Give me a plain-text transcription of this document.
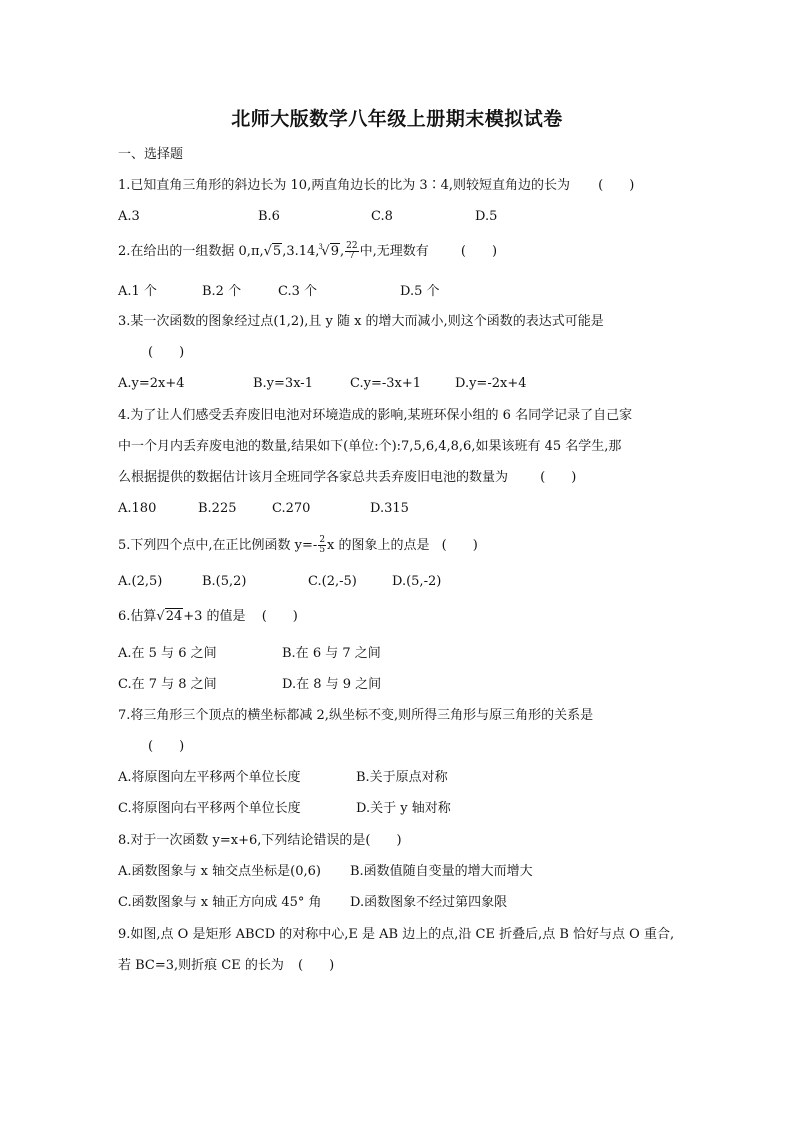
北师大版数学八年级上册期末模拟试卷
一、选择题
1.已知直角三角形的斜边长为 10,两直角边长的比为 3∶4,则较短直角边的长为 (　　)
A.3	B.6	C.8	D.5
2.在给出的一组数据 0,π,√5,3.14, 3
√9, $\frac{22}{7}$ 中,无理数有 (　　)
A.1 个	B.2 个	C.3 个	D.5 个
3.某一次函数的图象经过点(1,2),且 y 随 x 的增大而减小,则这个函数的表达式可能是
(　　)
A.y=2x+4	B.y=3x-1	C.y=-3x+1	D.y=-2x+4
4.为了让人们感受丢弃废旧电池对环境造成的影响,某班环保小组的 6 名同学记录了自己家
中一个月内丢弃废电池的数量,结果如下(单位:个):7,5,6,4,8,6,如果该班有 45 名学生,那
么根据提供的数据估计该月全班同学各家总共丢弃废旧电池的数量为 (　　)
A.180	B.225	C.270	D.315
5.下列四个点中,在正比例函数 $y=- \frac{2}{5}$ x 的图象上的点是 (　　)
A.(2,5)	B.(5,2)	C.(2,-5)	D.(5,-2)
6.估算√24+3 的值是 (　　)
A.在 5 与 6 之间	B.在 6 与 7 之间
C.在 7 与 8 之间	D.在 8 与 9 之间
7.将三角形三个顶点的横坐标都减 2,纵坐标不变,则所得三角形与原三角形的关系是
(　　)
A.将原图向左平移两个单位长度	B.关于原点对称
C.将原图向右平移两个单位长度	D.关于 y 轴对称
8.对于一次函数 y=x+6,下列结论错误的是(　　)
A.函数图象与 x 轴交点坐标是(0,6) B.函数值随自变量的增大而增大
C.函数图象与 x 轴正方向成 45° 角 D.函数图象不经过第四象限
9.如图,点 O 是矩形 ABCD 的对称中心,E 是 AB 边上的点,沿 CE 折叠后,点 B 恰好与点 O 重合,
若 BC=3,则折痕 CE 的长为 (　　)
